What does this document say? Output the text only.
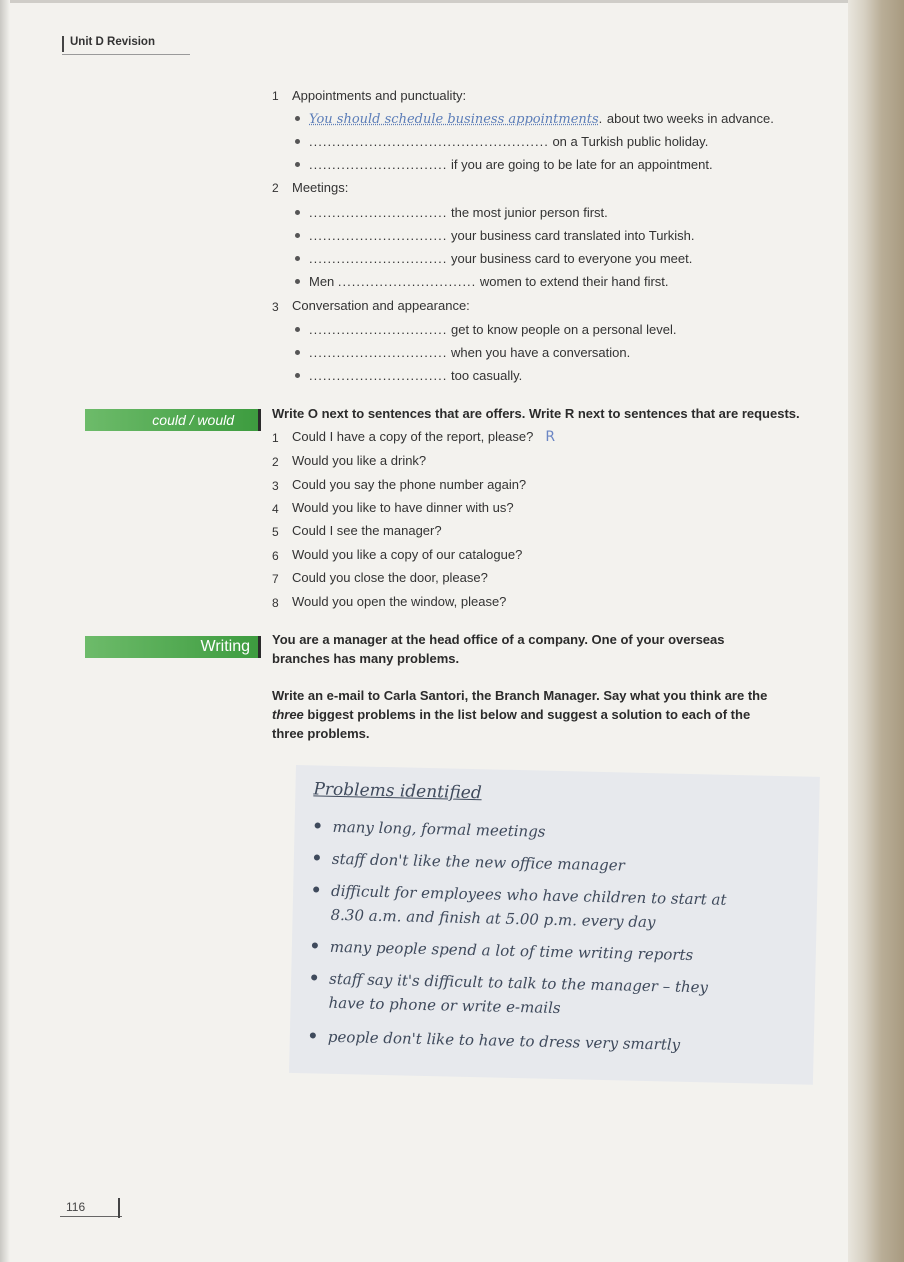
Unit D Revision
1	Appointments and punctuality:
You should schedule business appointments. about two weeks in advance.
.................................................... on a Turkish public holiday.
.............................. if you are going to be late for an appointment.
2	Meetings:
.............................. the most junior person first.
.............................. your business card translated into Turkish.
.............................. your business card to everyone you meet.
Men .............................. women to extend their hand first.
3	Conversation and appearance:
.............................. get to know people on a personal level.
.............................. when you have a conversation.
.............................. too casually.
could / would	Write O next to sentences that are offers. Write R next to sentences that are requests.
1	Could I have a copy of the report, please? R
2	Would you like a drink?
3	Could you say the phone number again?
4	Would you like to have dinner with us?
5	Could I see the manager?
6	Would you like a copy of our catalogue?
7	Could you close the door, please?
8	Would you open the window, please?
Writing You are a manager at the head office of a company. One of your overseas
branches has many problems.
Write an e-mail to Carla Santori, the Branch Manager. Say what you think are the
three biggest problems in the list below and suggest a solution to each of the
three problems.
Problems identified
many long, formal meetings
staff don't like the new office manager
difficult for employees who have children to start at
8.30 a.m. and finish at 5.00 p.m. every day
many people spend a lot of time writing reports
staff say it's difficult to talk to the manager – they
have to phone or write e-mails
people don't like to have to dress very smartly
116
